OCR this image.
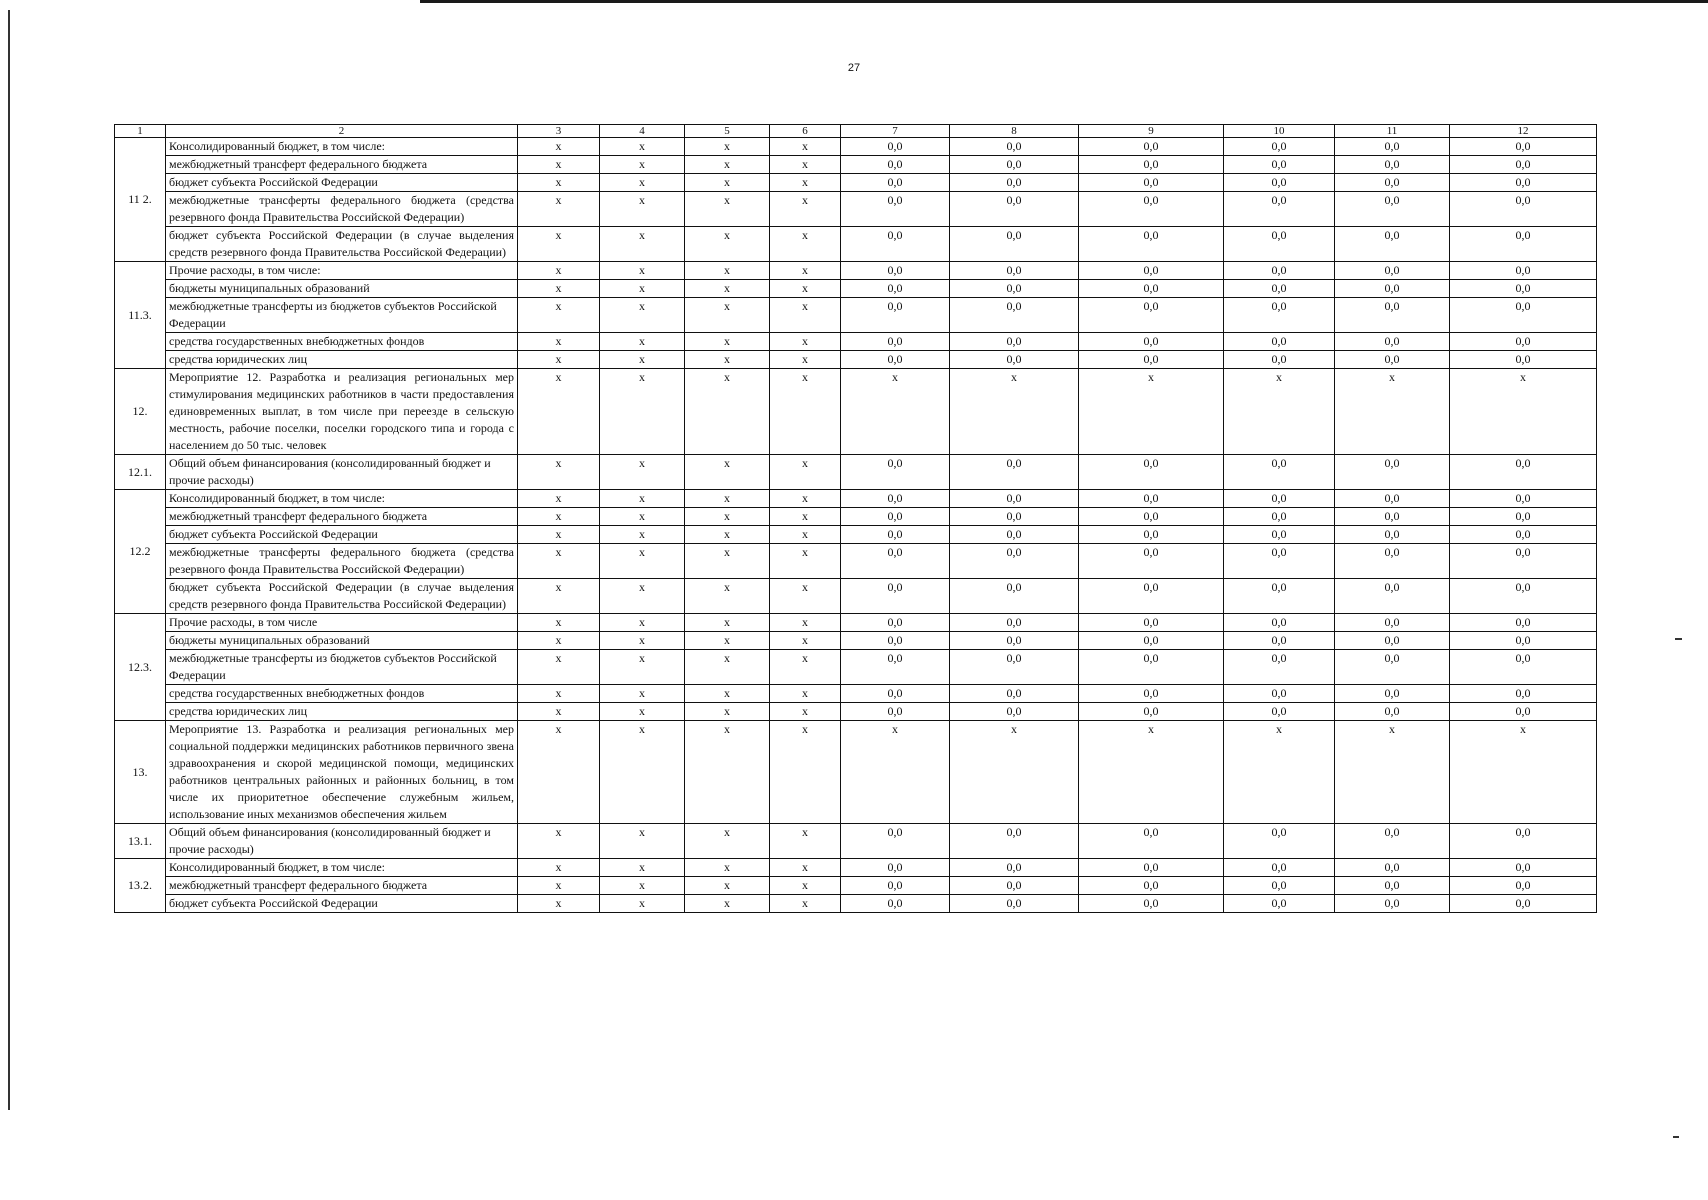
27
1	2	3	4	5	6	7	8	9	10	11	12
11 2.	Консолидированный бюджет, в том числе:	x	x	x	x	0,0	0,0	0,0	0,0	0,0	0,0
	межбюджетный трансферт федерального бюджета	x	x	x	x	0,0	0,0	0,0	0,0	0,0	0,0
	бюджет субъекта Российской Федерации	x	x	x	x	0,0	0,0	0,0	0,0	0,0	0,0
	межбюджетные трансферты федерального бюджета (средства резервного фонда Правительства Российской Федерации)	x	x	x	x	0,0	0,0	0,0	0,0	0,0	0,0
	бюджет субъекта Российской Федерации (в случае выделения средств резервного фонда Правительства Российской Федерации)	x	x	x	x	0,0	0,0	0,0	0,0	0,0	0,0
11.3.	Прочие расходы, в том числе:	x	x	x	x	0,0	0,0	0,0	0,0	0,0	0,0
	бюджеты муниципальных образований	x	x	x	x	0,0	0,0	0,0	0,0	0,0	0,0
	межбюджетные трансферты из бюджетов субъектов Российской Федерации	x	x	x	x	0,0	0,0	0,0	0,0	0,0	0,0
	средства государственных внебюджетных фондов	x	x	x	x	0,0	0,0	0,0	0,0	0,0	0,0
	средства юридических лиц	x	x	x	x	0,0	0,0	0,0	0,0	0,0	0,0
12.	Мероприятие 12. Разработка и реализация региональных мер стимулирования медицинских работников в части предоставления единовременных выплат, в том числе при переезде в сельскую местность, рабочие поселки, поселки городского типа и города с населением до 50 тыс. человек	x	x	x	x	x	x	x	x	x	x
12.1.	Общий объем финансирования (консолидированный бюджет и прочие расходы)	x	x	x	x	0,0	0,0	0,0	0,0	0,0	0,0
12.2	Консолидированный бюджет, в том числе:	x	x	x	x	0,0	0,0	0,0	0,0	0,0	0,0
	межбюджетный трансферт федерального бюджета	x	x	x	x	0,0	0,0	0,0	0,0	0,0	0,0
	бюджет субъекта Российской Федерации	x	x	x	x	0,0	0,0	0,0	0,0	0,0	0,0
	межбюджетные трансферты федерального бюджета (средства резервного фонда Правительства Российской Федерации)	x	x	x	x	0,0	0,0	0,0	0,0	0,0	0,0
	бюджет субъекта Российской Федерации (в случае выделения средств резервного фонда Правительства Российской Федерации)	x	x	x	x	0,0	0,0	0,0	0,0	0,0	0,0
12.3.	Прочие расходы, в том числе	x	x	x	x	0,0	0,0	0,0	0,0	0,0	0,0
	бюджеты муниципальных образований	x	x	x	x	0,0	0,0	0,0	0,0	0,0	0,0
	межбюджетные трансферты из бюджетов субъектов Российской Федерации	x	x	x	x	0,0	0,0	0,0	0,0	0,0	0,0
	средства государственных внебюджетных фондов	x	x	x	x	0,0	0,0	0,0	0,0	0,0	0,0
	средства юридических лиц	x	x	x	x	0,0	0,0	0,0	0,0	0,0	0,0
13.	Мероприятие 13. Разработка и реализация региональных мер социальной поддержки медицинских работников первичного звена здравоохранения и скорой медицинской помощи, медицинских работников центральных районных и районных больниц, в том числе их приоритетное обеспечение служебным жильем, использование иных механизмов обеспечения жильем	x	x	x	x	x	x	x	x	x	x
13.1.	Общий объем финансирования (консолидированный бюджет и прочие расходы)	x	x	x	x	0,0	0,0	0,0	0,0	0,0	0,0
13.2.	Консолидированный бюджет, в том числе:	x	x	x	x	0,0	0,0	0,0	0,0	0,0	0,0
	межбюджетный трансферт федерального бюджета	x	x	x	x	0,0	0,0	0,0	0,0	0,0	0,0
	бюджет субъекта Российской Федерации	x	x	x	x	0,0	0,0	0,0	0,0	0,0	0,0
